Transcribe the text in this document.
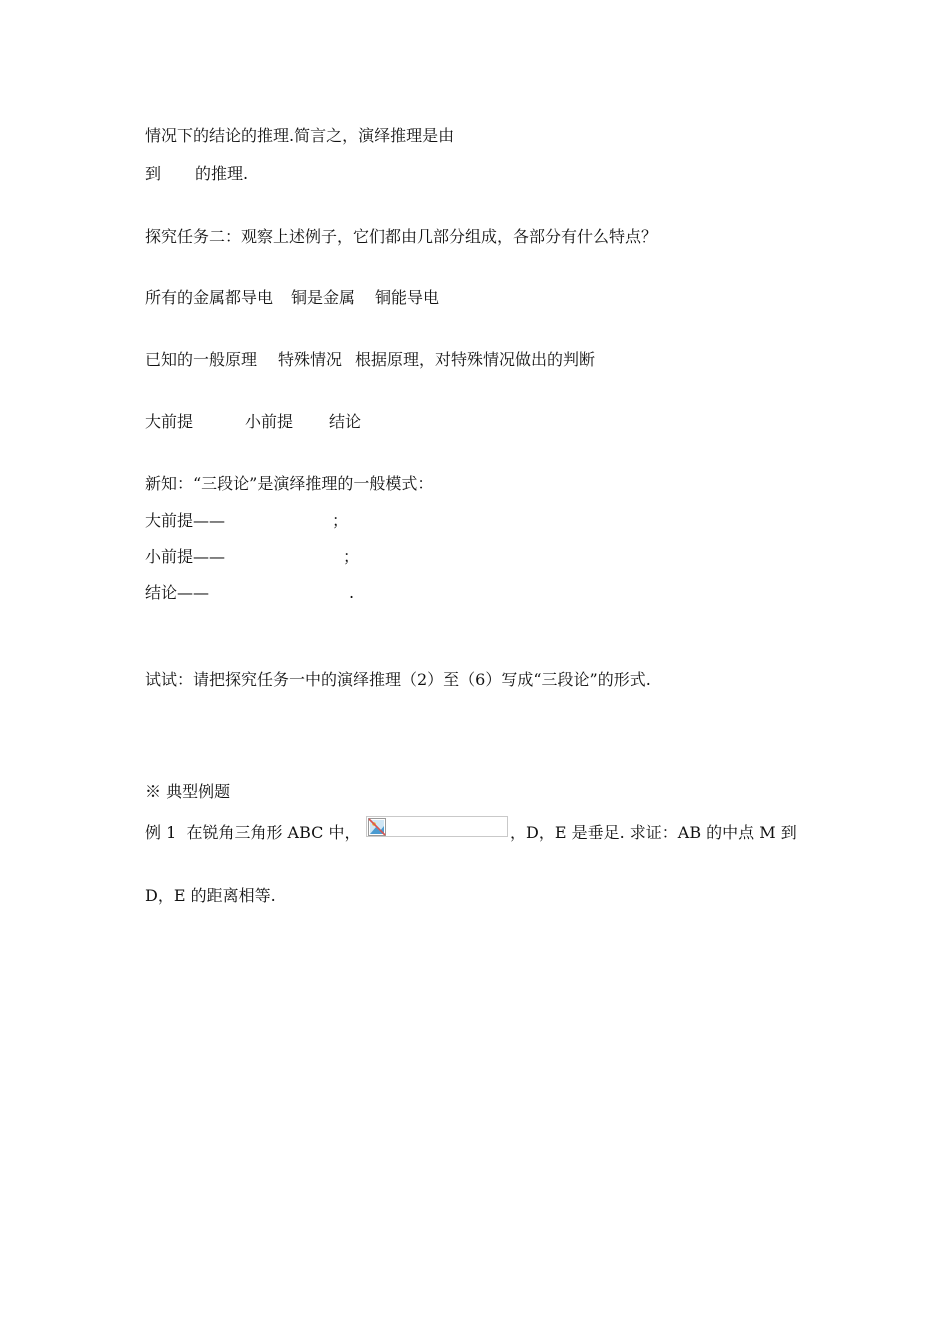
情况下的结论的推理.简言之，演绎推理是由
到 的推理.
探究任务二：观察上述例子，它们都由几部分组成，各部分有什么特点？
所有的金属都导电 铜是金属 铜能导电
已知的一般原理 特殊情况 根据原理，对特殊情况做出的判断
大前提	小前提 结论
新知：“三段论”是演绎推理的一般模式：
大前提——	；
小前提——	；
结论——	.
试试：请把探究任务一中的演绎推理（2）至（6）写成“三段论”的形式.
※ 典型例题
例 1  在锐角三角形 ABC 中，	，D，E 是垂足. 求证：AB 的中点 M 到
D，E 的距离相等.
